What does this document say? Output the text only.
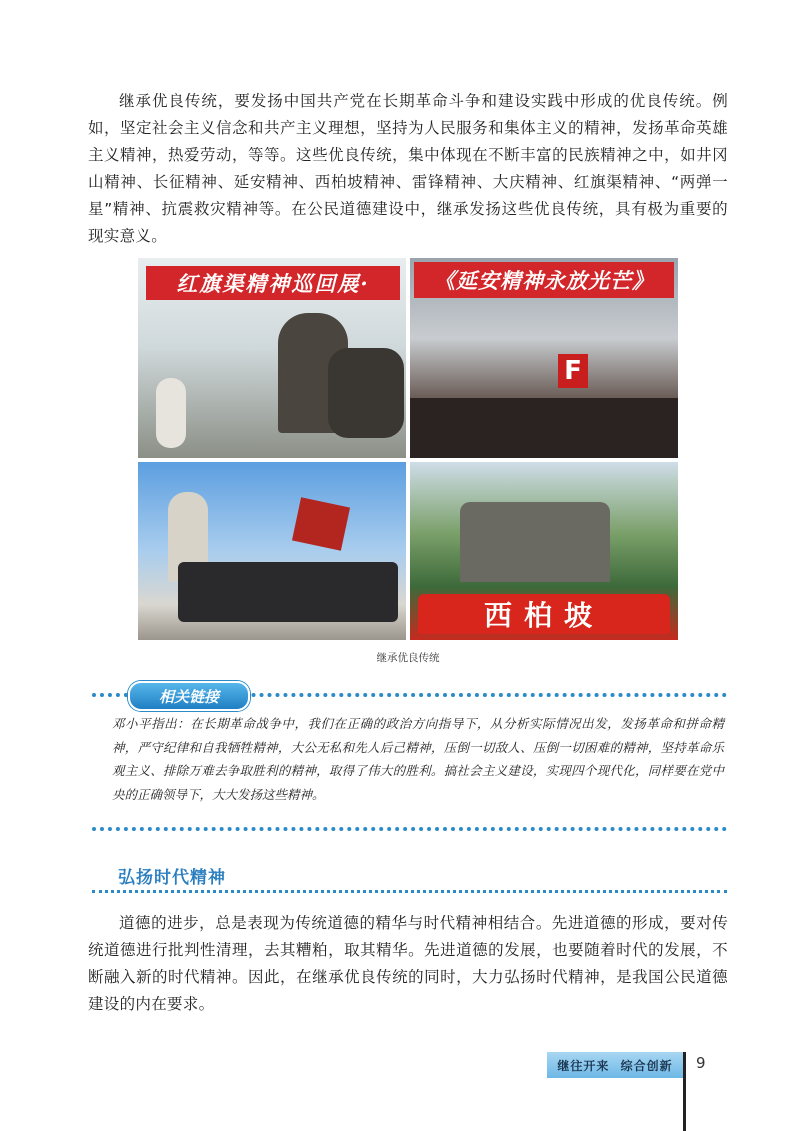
继承优良传统，要发扬中国共产党在长期革命斗争和建设实践中形成的优良传统。例如，坚定社会主义信念和共产主义理想，坚持为人民服务和集体主义的精神，发扬革命英雄主义精神，热爱劳动，等等。这些优良传统，集中体现在不断丰富的民族精神之中，如井冈山精神、长征精神、延安精神、西柏坡精神、雷锋精神、大庆精神、红旗渠精神、“两弹一星”精神、抗震救灾精神等。在公民道德建设中，继承发扬这些优良传统，具有极为重要的现实意义。

红旗渠精神巡回展·	《延安精神永放光芒》
F
西柏坡
继承优良传统
相关链接

邓小平指出：在长期革命战争中，我们在正确的政治方向指导下，从分析实际情况出发，发扬革命和拼命精神，严守纪律和自我牺牲精神，大公无私和先人后己精神，压倒一切敌人、压倒一切困难的精神，坚持革命乐观主义、排除万难去争取胜利的精神，取得了伟大的胜利。搞社会主义建设，实现四个现代化，同样要在党中央的正确领导下，大大发扬这些精神。

弘扬时代精神

道德的进步，总是表现为传统道德的精华与时代精神相结合。先进道德的形成，要对传统道德进行批判性清理，去其糟粕，取其精华。先进道德的发展，也要随着时代的发展，不断融入新的时代精神。因此，在继承优良传统的同时，大力弘扬时代精神，是我国公民道德建设的内在要求。

继往开来 综合创新	9
